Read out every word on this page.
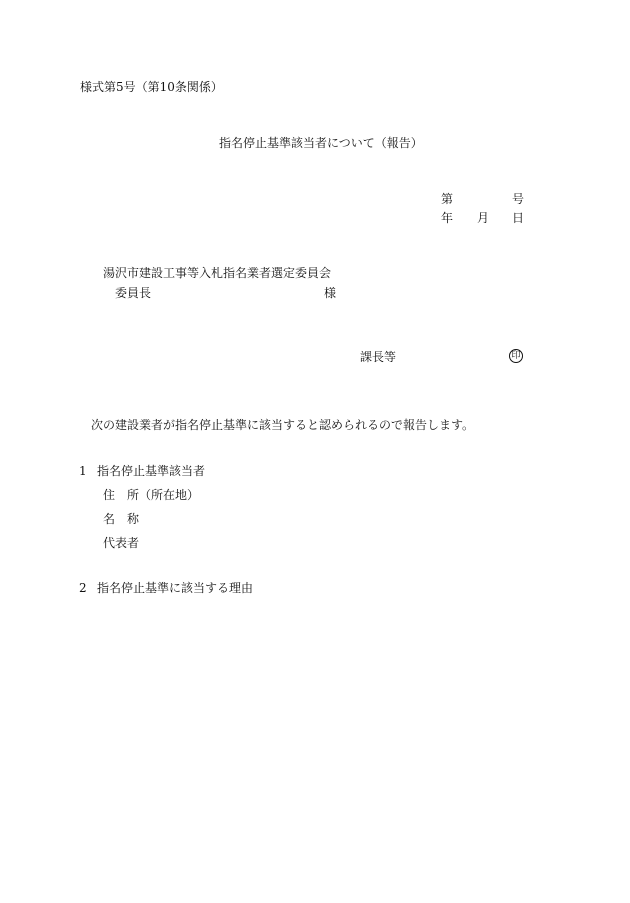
様式第5号（第10条関係）
指名停止基準該当者について（報告）
第	号
年 月 日
湯沢市建設工事等入札指名業者選定委員会
委員長	様
課長等	印
次の建設業者が指名停止基準に該当すると認められるので報告します。
1 指名停止基準該当者
住 所（所在地）
名 称
代表者
2 指名停止基準に該当する理由
